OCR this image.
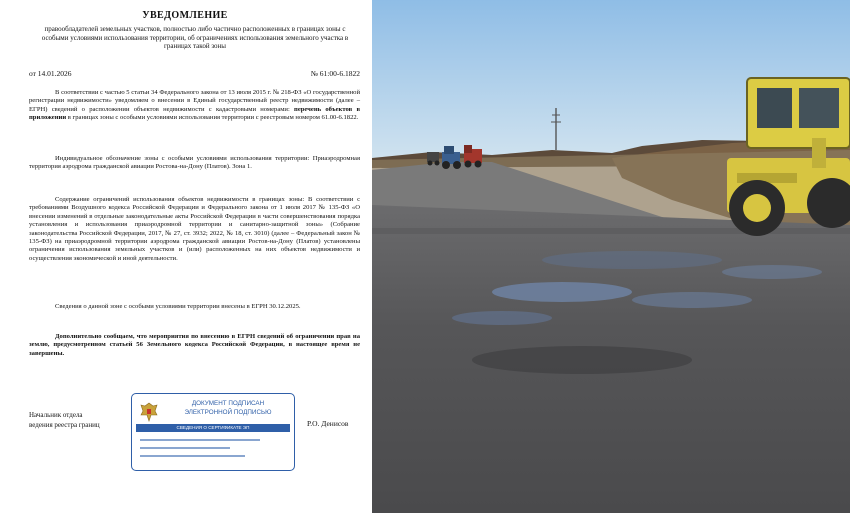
УВЕДОМЛЕНИЕ
правообладателей земельных участков, полностью либо частично расположенных в границах зоны с особыми условиями использования территории, об ограничениях использования земельного участка в границах такой зоны
от 14.01.2026	№ 61:00-6.1822
В соответствии с частью 5 статьи 34 Федерального закона от 13 июля 2015 г. № 218-ФЗ «О государственной регистрации недвижимости» уведомляем о внесении в Единый государственный реестр недвижимости (далее – ЕГРН) сведений о расположении объектов недвижимости с кадастровыми номерами: перечень объектов в приложении в границах зоны с особыми условиями использования территории с реестровым номером 61.00-6.1822.
Индивидуальное обозначение зоны с особыми условиями использования территории: Приаэродромная территория аэродрома гражданской авиации Ростова-на-Дону (Платов). Зона 1.
Содержание ограничений использования объектов недвижимости в границах зоны: В соответствии с требованиями Воздушного кодекса Российской Федерации и Федерального закона от 1 июля 2017 № 135-ФЗ «О внесении изменений в отдельные законодательные акты Российской Федерации в части совершенствования порядка установления и использования приаэродромной территории и санитарно-защитной зоны» (Собрание законодательства Российской Федерации, 2017, № 27, ст. 3932; 2022, № 18, ст. 3010) (далее – Федеральный закон № 135-ФЗ) на приаэродромной территории аэродрома гражданской авиации Ростов-на-Дону (Платов) установлены ограничения использования земельных участков и (или) расположенных на них объектов недвижимости и осуществления экономической и иной деятельности.
Сведения о данной зоне с особыми условиями территории внесены в ЕГРН 30.12.2025.
Дополнительно сообщаем, что мероприятия по внесению в ЕГРН сведений об ограничении прав на землю, предусмотренном статьей 56 Земельного кодекса Российской Федерации, в настоящее время не завершены.
Начальник отдела
ведения реестра границ	Р.О. Денисов
ДОКУМЕНТ ПОДПИСАН
ЭЛЕКТРОННОЙ ПОДПИСЬЮ
СВЕДЕНИЯ О СЕРТИФИКАТЕ ЭП
